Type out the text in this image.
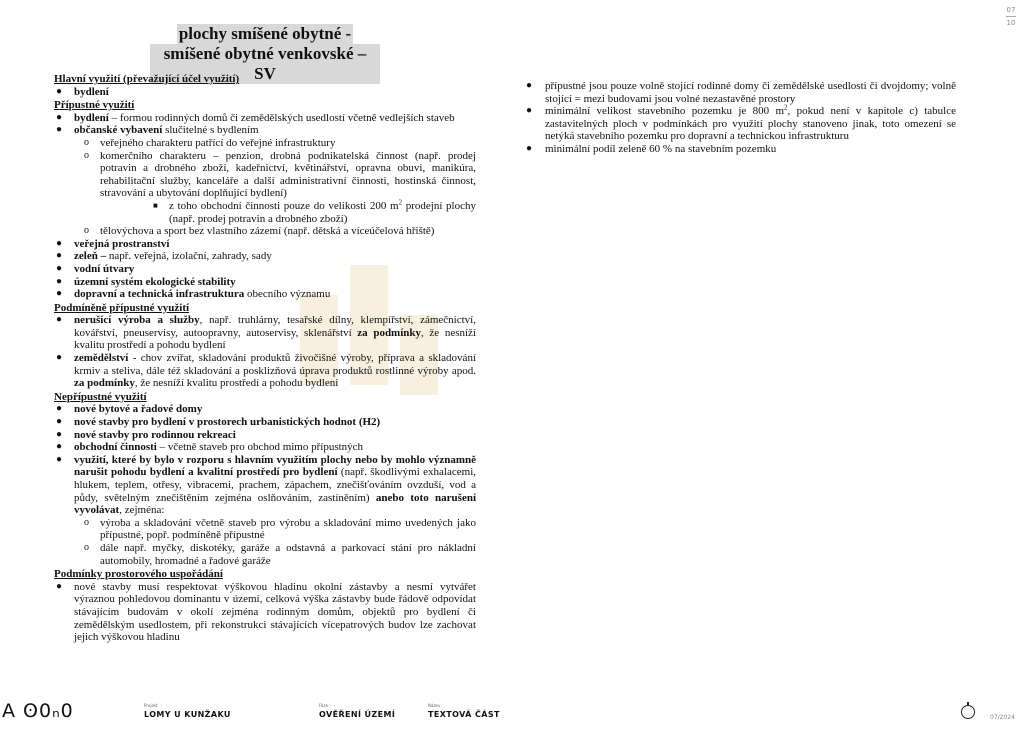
07
10
plochy smíšené obytné -
smíšené obytné venkovské – SV
Hlavní využití (převažující účel využití)
● bydlení
Přípustné využití
● bydlení – formou rodinných domů či zemědělských usedlostí včetně vedlejších staveb
● občanské vybavení slučitelné s bydlením
o veřejného charakteru patřící do veřejné infrastruktury
o komerčního charakteru – penzion, drobná podnikatelská činnost (např. prodej potravin a drobného zboží, kadeřnictví, květinářství, opravna obuvi, manikúra, rehabilitační služby, kanceláře a další administrativní činnosti, hostinská činnost, stravování a ubytování doplňující bydlení)
■ z toho obchodní činnosti pouze do velikosti 200 $m^2$ prodejní plochy (např. prodej potravin a drobného zboží)
o tělovýchova a sport bez vlastního zázemí (např. dětská a víceúčelová hřiště)
● veřejná prostranství
● zeleň – např. veřejná, izolační, zahrady, sady
● vodní útvary
● územní systém ekologické stability
● dopravní a technická infrastruktura obecního významu
Podmíněně přípustné využití
● nerušící výroba a služby, např. truhlárny, tesařské dílny, klempířství, zámečnictví, kovářství, pneuservisy, autoopravny, autoservisy, sklenářství za podmínky, že nesníží kvalitu prostředí a pohodu bydlení
● zemědělství - chov zvířat, skladování produktů živočišné výroby, příprava a skladování krmiv a steliva, dále též skladování a posklizňová úprava produktů rostlinné výroby apod. za podmínky, že nesníží kvalitu prostředí a pohodu bydlení
Nepřípustné využití
● nové bytové a řadové domy
● nové stavby pro bydlení v prostorech urbanistických hodnot (H2)
● nové stavby pro rodinnou rekreaci
● obchodní činnosti – včetně staveb pro obchod mimo přípustných
● využití, které by bylo v rozporu s hlavním využitím plochy nebo by mohlo významně narušit pohodu bydlení a kvalitní prostředí pro bydlení (např. škodlivými exhalacemi, hlukem, teplem, otřesy, vibracemi, prachem, zápachem, znečišťováním ovzduší, vod a půdy, světelným znečištěním zejména oslňováním, zastíněním) anebo toto narušení vyvolávat, zejména:
o výroba a skladování včetně staveb pro výrobu a skladování mimo uvedených jako přípustné, popř. podmíněně přípustné
o dále např. myčky, diskotéky, garáže a odstavná a parkovací stání pro nákladní automobily, hromadné a řadové garáže
Podmínky prostorového uspořádání
● nové stavby musí respektovat výškovou hladinu okolní zástavby a nesmí vytvářet výraznou pohledovou dominantu v území, celková výška zástavby bude řádově odpovídat stávajícím budovám v okolí zejména rodinným domům, objektů pro bydlení či zemědělským usedlostem, při rekonstrukci stávajících vícepatrových budov lze zachovat jejich výškovou hladinu
● přípustné jsou pouze volně stojící rodinné domy či zemědělské usedlosti či dvojdomy; volně stojící = mezi budovami jsou volné nezastavěné prostory
● minimální velikost stavebního pozemku je 800 $m^2$, pokud není v kapitole c) tabulce zastavitelných ploch v podmínkách pro využití plochy stanoveno jinak, toto omezení se netýká stavebního pozemku pro dopravní a technickou infrastrukturu
● minimální podíl zeleně 60 % na stavebním pozemku
A ʘ0ₙ0	Projekt
LOMY U KUNŽAKU
Fáze
OVĚŘENÍ ÚZEMÍ
Název
TEXTOVÁ ČÁST	07/2024
